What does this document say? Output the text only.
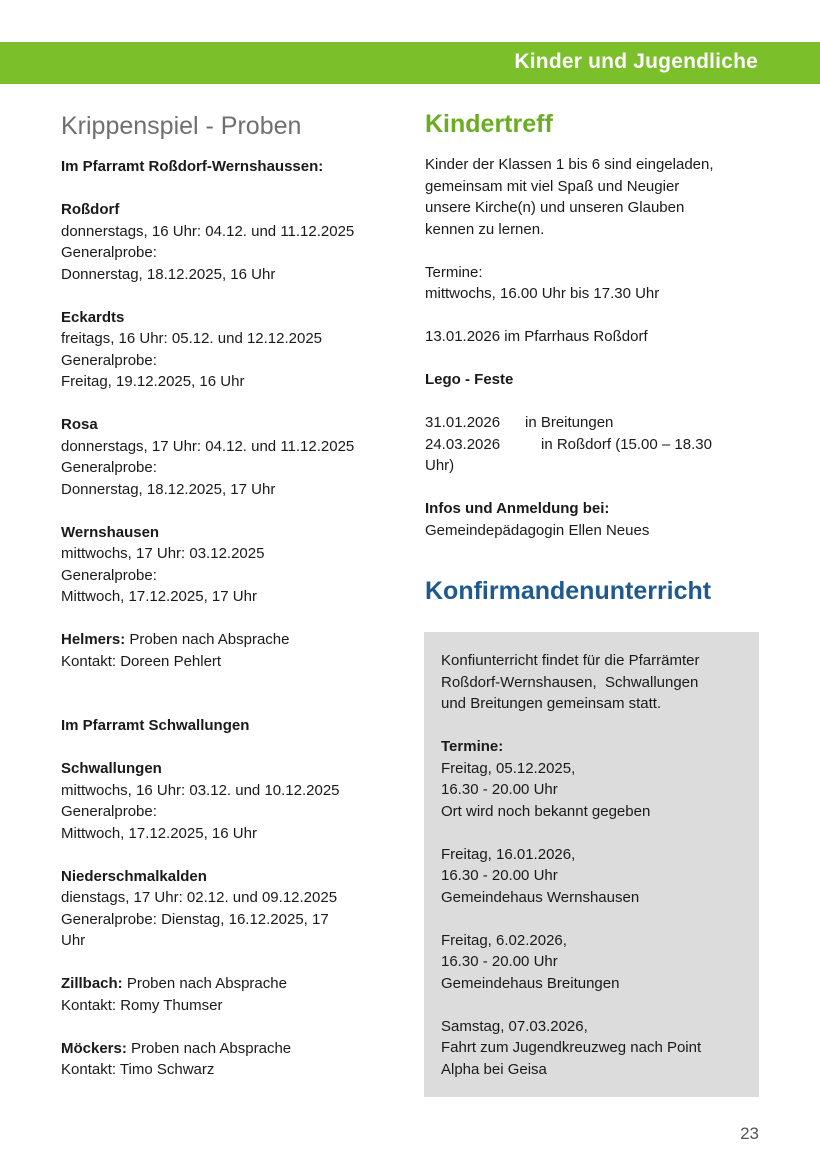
Kinder und Jugendliche
Krippenspiel - Proben
Im Pfarramt Roßdorf-Wernshaussen:
Roßdorf
donnerstags, 16 Uhr: 04.12. und 11.12.2025
Generalprobe:
Donnerstag, 18.12.2025, 16 Uhr
Eckardts
freitags, 16 Uhr: 05.12. und 12.12.2025
Generalprobe:
Freitag, 19.12.2025, 16 Uhr
Rosa
donnerstags, 17 Uhr: 04.12. und 11.12.2025
Generalprobe:
Donnerstag, 18.12.2025, 17 Uhr
Wernshausen
mittwochs, 17 Uhr: 03.12.2025
Generalprobe:
Mittwoch, 17.12.2025, 17 Uhr
Helmers: Proben nach Absprache
Kontakt: Doreen Pehlert
Im Pfarramt Schwallungen
Schwallungen
mittwochs, 16 Uhr: 03.12. und 10.12.2025
Generalprobe:
Mittwoch, 17.12.2025, 16 Uhr
Niederschmalkalden
dienstags, 17 Uhr: 02.12. und 09.12.2025
Generalprobe: Dienstag, 16.12.2025, 17
Uhr
Zillbach: Proben nach Absprache
Kontakt: Romy Thumser
Möckers: Proben nach Absprache
Kontakt: Timo Schwarz
Kindertreff
Kinder der Klassen 1 bis 6 sind eingeladen,
gemeinsam mit viel Spaß und Neugier
unsere Kirche(n) und unseren Glauben
kennen zu lernen.
Termine:
mittwochs, 16.00 Uhr bis 17.30 Uhr
13.01.2026 im Pfarrhaus Roßdorf
Lego - Feste
31.01.2026 in Breitungen
24.03.2026	in Roßdorf (15.00 – 18.30
Uhr)
Infos und Anmeldung bei:
Gemeindepädagogin Ellen Neues
Konfirmandenunterricht
Konfiunterricht findet für die Pfarrämter
Roßdorf-Wernshausen,  Schwallungen
und Breitungen gemeinsam statt.
Termine:
Freitag, 05.12.2025,
16.30 - 20.00 Uhr
Ort wird noch bekannt gegeben
Freitag, 16.01.2026,
16.30 - 20.00 Uhr
Gemeindehaus Wernshausen
Freitag, 6.02.2026,
16.30 - 20.00 Uhr
Gemeindehaus Breitungen
Samstag, 07.03.2026,
Fahrt zum Jugendkreuzweg nach Point
Alpha bei Geisa
23
